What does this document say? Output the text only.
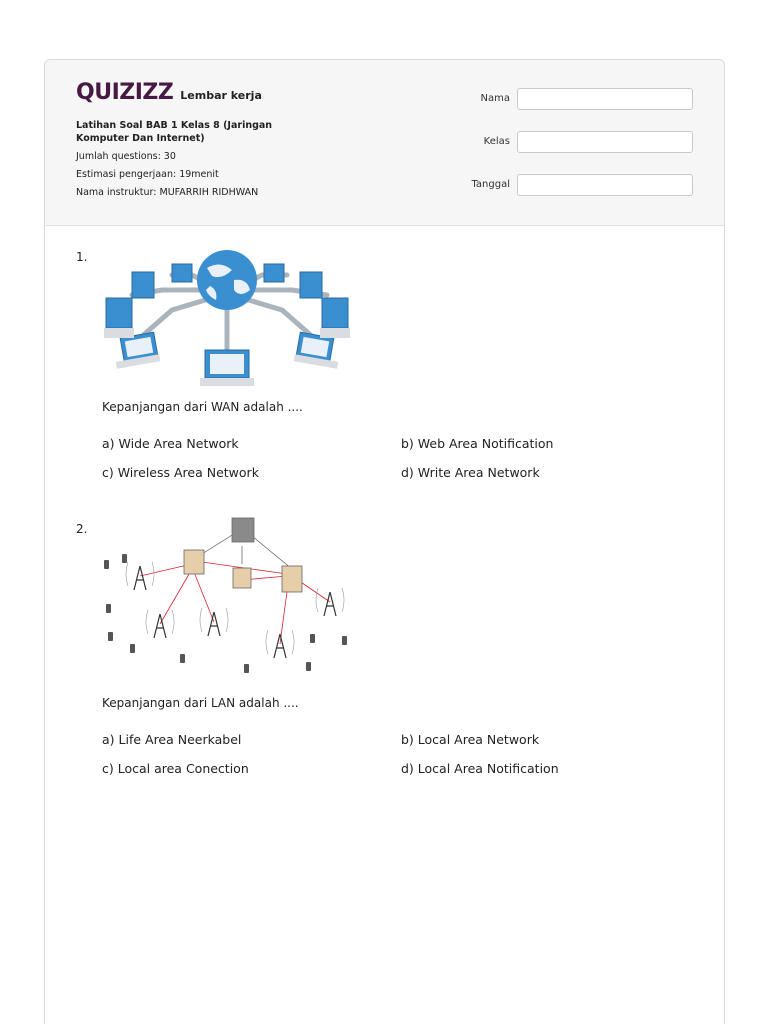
QUIZIZZ Lembar kerja
Latihan Soal BAB 1 Kelas 8 (Jaringan Komputer Dan Internet)
Jumlah questions: 30
Estimasi pengerjaan: 19menit
Nama instruktur: MUFARRIH RIDHWAN
Nama
Kelas
Tanggal
1.
Kepanjangan dari WAN adalah ....
a) Wide Area Network	b) Web Area Notification
c) Wireless Area Network	d) Write Area Network
2.
Kepanjangan dari LAN adalah ....
a) Life Area Neerkabel	b) Local Area Network
c) Local area Conection	d) Local Area Notification
